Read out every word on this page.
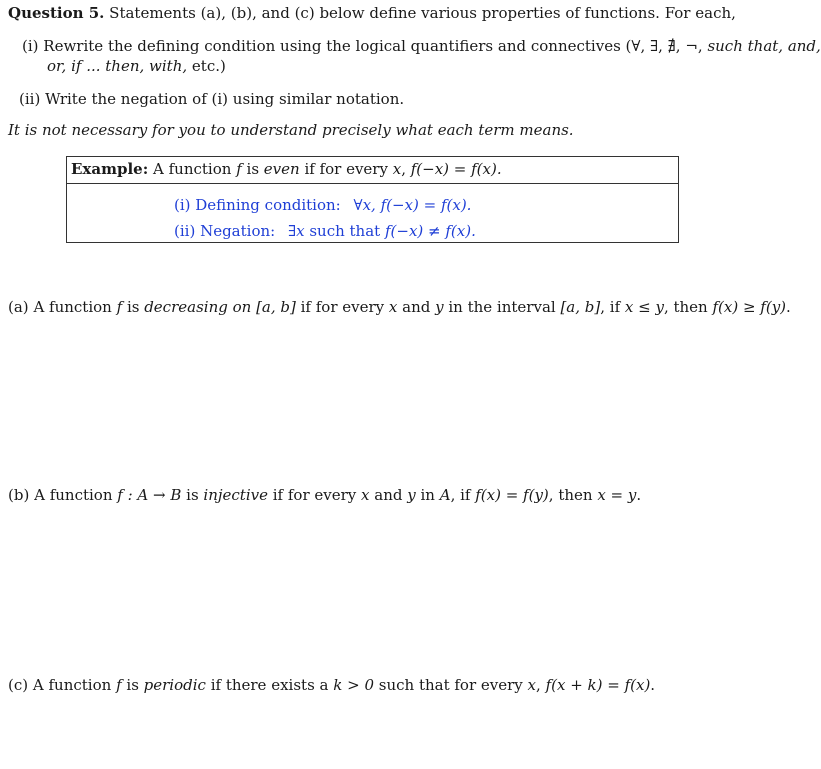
Question 5. Statements (a), (b), and (c) below define various properties of functions. For each,
(i) Rewrite the defining condition using the logical quantifiers and connectives (∀, ∃, ∄, ¬, such that, and,
or, if ... then, with, etc.)
(ii) Write the negation of (i) using similar notation.
It is not necessary for you to understand precisely what each term means.
Example: A function f is even if for every x, f(−x) = f(x).
(i) Defining condition: ∀x, f(−x) = f(x).
(ii) Negation: ∃x such that f(−x) ≠ f(x).
(a) A function f is decreasing on [a, b] if for every x and y in the interval [a, b], if x ≤ y, then f(x) ≥ f(y).
(b) A function f : A → B is injective if for every x and y in A, if f(x) = f(y), then x = y.
(c) A function f is periodic if there exists a k > 0 such that for every x, f(x + k) = f(x).
